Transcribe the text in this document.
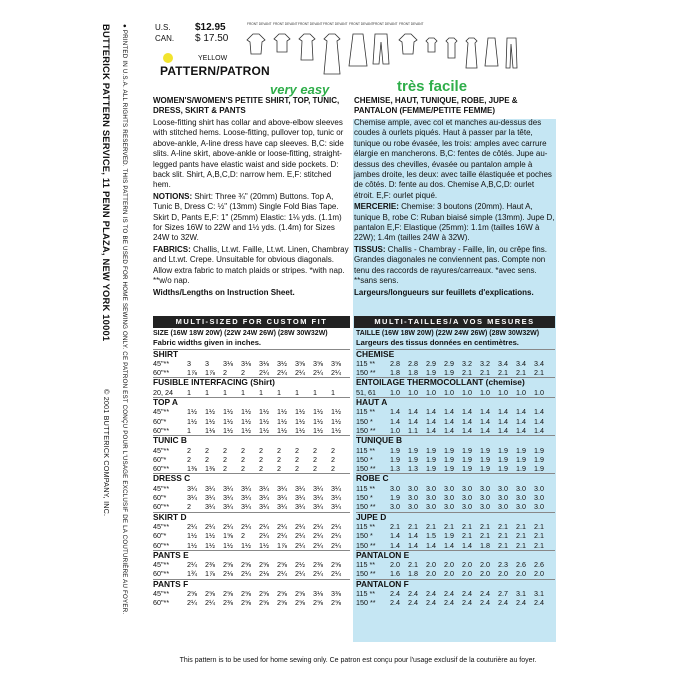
BUTTERICK PATTERN SERVICE, 11 PENN PLAZA, NEW YORK 10001
© 2001 BUTTERICK COMPANY, INC.	● PRINTED IN U.S.A. ALL RIGHTS RESERVED. THIS PATTERN IS TO BE USED FOR HOME SEWING ONLY. CE PATRON EST CONÇU POUR L'USAGE EXCLUSIF DE LA COUTURIÈRE AU FOYER.	U.S.	$12.95
CAN.	$ 17.50
YELLOW
PATTERN/PATRON
FRONT DEVANT FRONT DEVANT FRONT DEVANT FRONT DEVANT FRONT DEVANT FRONT DEVANT FRONT DEVANT
very easy	très facile
WOMEN'S/WOMEN'S PETITE SHIRT, TOP, TUNIC, DRESS, SKIRT & PANTS
Loose-fitting shirt has collar and above-elbow sleeves with stitched hems. Loose-fitting, pullover top, tunic or above-ankle, A-line dress have cap sleeves. B,C: side slits. A-line skirt, above-ankle or loose-fitting, straight-legged pants have elastic waist and side pockets. D: back slit. Shirt, A,B,C,D: narrow hem. E,F: stitched hem.
NOTIONS: Shirt: Three ¾" (20mm) Buttons. Top A, Tunic B, Dress C: ½" (13mm) Single Fold Bias Tape. Skirt D, Pants E,F: 1" (25mm) Elastic: 1⅛ yds. (1.1m) for Sizes 16W to 22W and 1½ yds. (1.4m) for Sizes 24W to 32W.
FABRICS: Challis, Lt.wt. Faille, Lt.wt. Linen, Chambray and Lt.wt. Crepe. Unsuitable for obvious diagonals. Allow extra fabric to match plaids or stripes. *with nap. **w/o nap.
Widths/Lengths on Instruction Sheet.
CHEMISE, HAUT, TUNIQUE, ROBE, JUPE & PANTALON (FEMME/PETITE FEMME)
Chemise ample, avec col et manches au-dessus des coudes à ourlets piqués. Haut à passer par la tête, tunique ou robe évasée, les trois: amples avec carrure élargie en mancherons. B,C: fentes de côtés. Jupe au-dessus des chevilles, évasée ou pantalon ample à jambes droite, les deux: avec taille élastiquée et poches de côtés. D: fente au dos. Chemise A,B,C,D: ourlet étroit. E,F: ourlet piqué.
MERCERIE: Chemise: 3 boutons (20mm). Haut A, tunique B, robe C: Ruban biaisé simple (13mm). Jupe D, pantalon E,F: Elastique (25mm): 1.1m (tailles 16W à 22W); 1.4m (tailles 24W à 32W).
TISSUS: Challis - Chambray - Faille, lin, ou crêpe fins. Grandes diagonales ne conviennent pas. Compte non tenu des raccords de rayures/carreaux. *avec sens. **sans sens.
Largeurs/longueurs sur feuillets d'explications.
MULTI-SIZED FOR CUSTOM FIT	MULTI-TAILLES/A VOS MESURES
SIZE (16W 18W 20W) (22W 24W 26W) (28W 30W32W)
Fabric widths given in inches.
SHIRT
45"**	3	3	3⅛	3⅛	3⅛	3½	3⅝	3⅝	3⅝
60"**	1⅞	1⅞	2	2	2¼	2¼	2¼	2¼	2¼
FUSIBLE INTERFACING (Shirt)
20, 24	1	1	1	1	1	1	1	1	1
TOP A
45"**	1½	1½	1½	1½	1½	1½	1½	1½	1½
60"*	1½	1½	1½	1½	1½	1½	1½	1½	1½
60"**	1	1⅛	1½	1½	1½	1½	1½	1½	1½
TUNIC B
45"**	2	2	2	2	2	2	2	2	2
60"*	2	2	2	2	2	2	2	2	2
60"**	1⅜	1⅜	2	2	2	2	2	2	2
DRESS C
45"**	3¼	3¼	3¼	3¼	3¼	3¼	3¼	3¼	3¼
60"*	3¼	3¼	3¼	3¼	3¼	3¼	3¼	3¼	3¼
60"**	2	3¼	3¼	3¼	3¼	3¼	3¼	3¼	3¼
SKIRT D
45"**	2¼	2¼	2¼	2¼	2¼	2¼	2¼	2¼	2¼
60"*	1½	1½	1⅝	2	2¼	2¼	2¼	2¼	2¼
60"**	1½	1½	1½	1½	1½	1⅞	2¼	2¼	2¼
PANTS E
45"**	2¼	2⅜	2⅝	2⅝	2⅝	2⅝	2½	2⅜	2⅝
60"**	1¾	1⅞	2⅛	2¼	2⅛	2¼	2¼	2¼	2¼
PANTS F
45"**	2⅝	2⅝	2⅝	2⅝	2⅝	2⅝	2⅝	3⅛	3⅜
60"**	2¼	2¼	2⅜	2⅝	2⅝	2⅝	2⅝	2⅝	2⅝
TAILLE (16W 18W 20W) (22W 24W 26W) (28W 30W32W)
Largeurs des tissus données en centimètres.
CHEMISE
115 **	2.8	2.8	2.9	2.9	3.2	3.2	3.4	3.4	3.4
150 **	1.8	1.8	1.9	1.9	2.1	2.1	2.1	2.1	2.1
ENTOILAGE THERMOCOLLANT (chemise)
51, 61	1.0	1.0	1.0	1.0	1.0	1.0	1.0	1.0	1.0
HAUT A
115 **	1.4	1.4	1.4	1.4	1.4	1.4	1.4	1.4	1.4
150 *	1.4	1.4	1.4	1.4	1.4	1.4	1.4	1.4	1.4
150 **	1.0	1.1	1.4	1.4	1.4	1.4	1.4	1.4	1.4
TUNIQUE B
115 **	1.9	1.9	1.9	1.9	1.9	1.9	1.9	1.9	1.9
150 *	1.9	1.9	1.9	1.9	1.9	1.9	1.9	1.9	1.9
150 **	1.3	1.3	1.9	1.9	1.9	1.9	1.9	1.9	1.9
ROBE C
115 **	3.0	3.0	3.0	3.0	3.0	3.0	3.0	3.0	3.0
150 *	1.9	3.0	3.0	3.0	3.0	3.0	3.0	3.0	3.0
150 **	3.0	3.0	3.0	3.0	3.0	3.0	3.0	3.0	3.0
JUPE D
115 **	2.1	2.1	2.1	2.1	2.1	2.1	2.1	2.1	2.1
150 *	1.4	1.4	1.5	1.9	2.1	2.1	2.1	2.1	2.1
150 **	1.4	1.4	1.4	1.4	1.4	1.8	2.1	2.1	2.1
PANTALON E
115 **	2.0	2.1	2.0	2.0	2.0	2.0	2.3	2.6	2.6
150 **	1.6	1.8	2.0	2.0	2.0	2.0	2.0	2.0	2.0
PANTALON F
115 **	2.4	2.4	2.4	2.4	2.4	2.4	2.7	3.1	3.1
150 **	2.4	2.4	2.4	2.4	2.4	2.4	2.4	2.4	2.4
This pattern is to be used for home sewing only. Ce patron est conçu pour l'usage exclusif de la couturière au foyer.
